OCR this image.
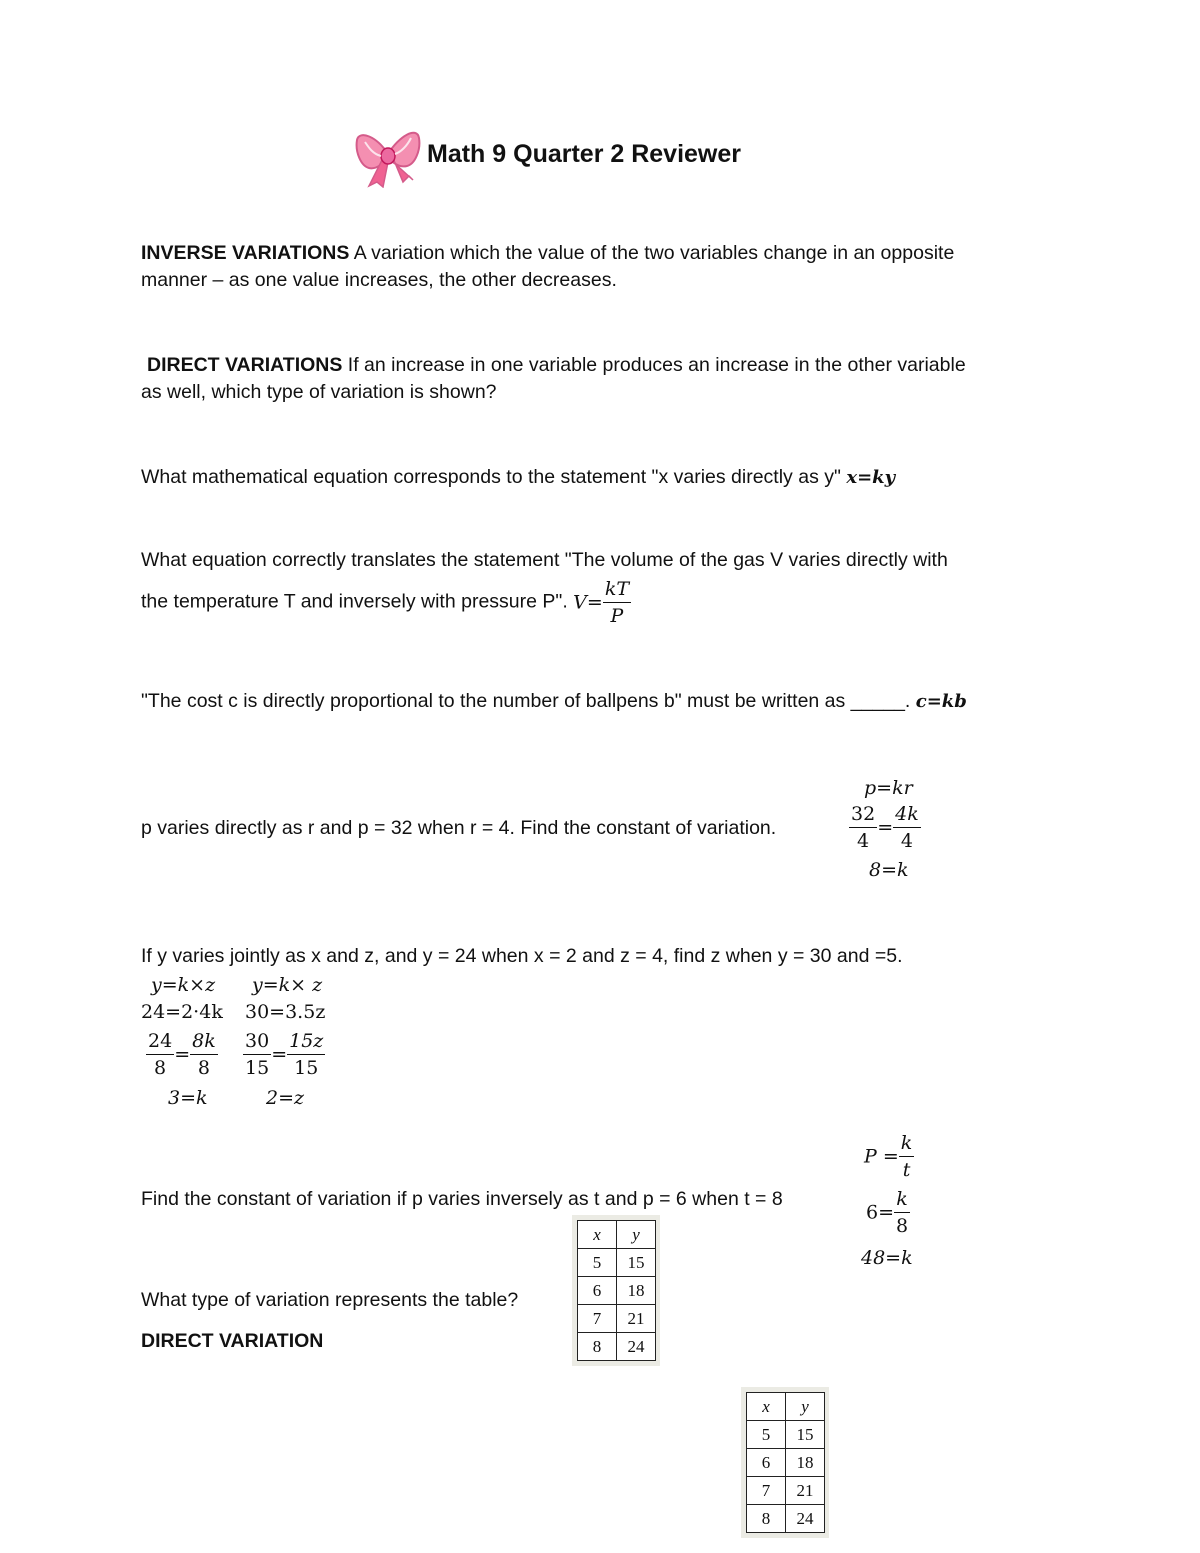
Math 9 Quarter 2 Reviewer
INVERSE VARIATIONS A variation which the value of the two variables change in an opposite
manner – as one value increases, the other decreases.
DIRECT VARIATIONS If an increase in one variable produces an increase in the other variable
as well, which type of variation is shown?
What mathematical equation corresponds to the statement "x varies directly as y" x=ky
What equation correctly translates the statement "The volume of the gas V varies directly with
the temperature T and inversely with pressure P". $V= \frac{kT}{P}$
"The cost c is directly proportional to the number of ballpens b" must be written as _____. c=kb
p varies directly as r and p = 32 when r = 4. Find the constant of variation.
p=kr
$\frac{32}{4} = \frac{4k}{4}$
8=k
If y varies jointly as x and z, and y = 24 when x = 2 and z = 4, find z when y = 30 and =5.
y=k×z y=k× z
24=2·4k 30=3.5z
$\frac{24}{8} = \frac{8k}{8} \frac{30}{15} = \frac{15z}{15}$
3=k	2=z
$P = \frac{k}{t}$
Find the constant of variation if p varies inversely as t and p = 6 when t = 8
$6= \frac{k}{8}$
48=k
What type of variation represents the table?
DIRECT VARIATION
x	y
5	15
6	18
7	21
8	24
x	y
5	15
6	18
7	21
8	24
